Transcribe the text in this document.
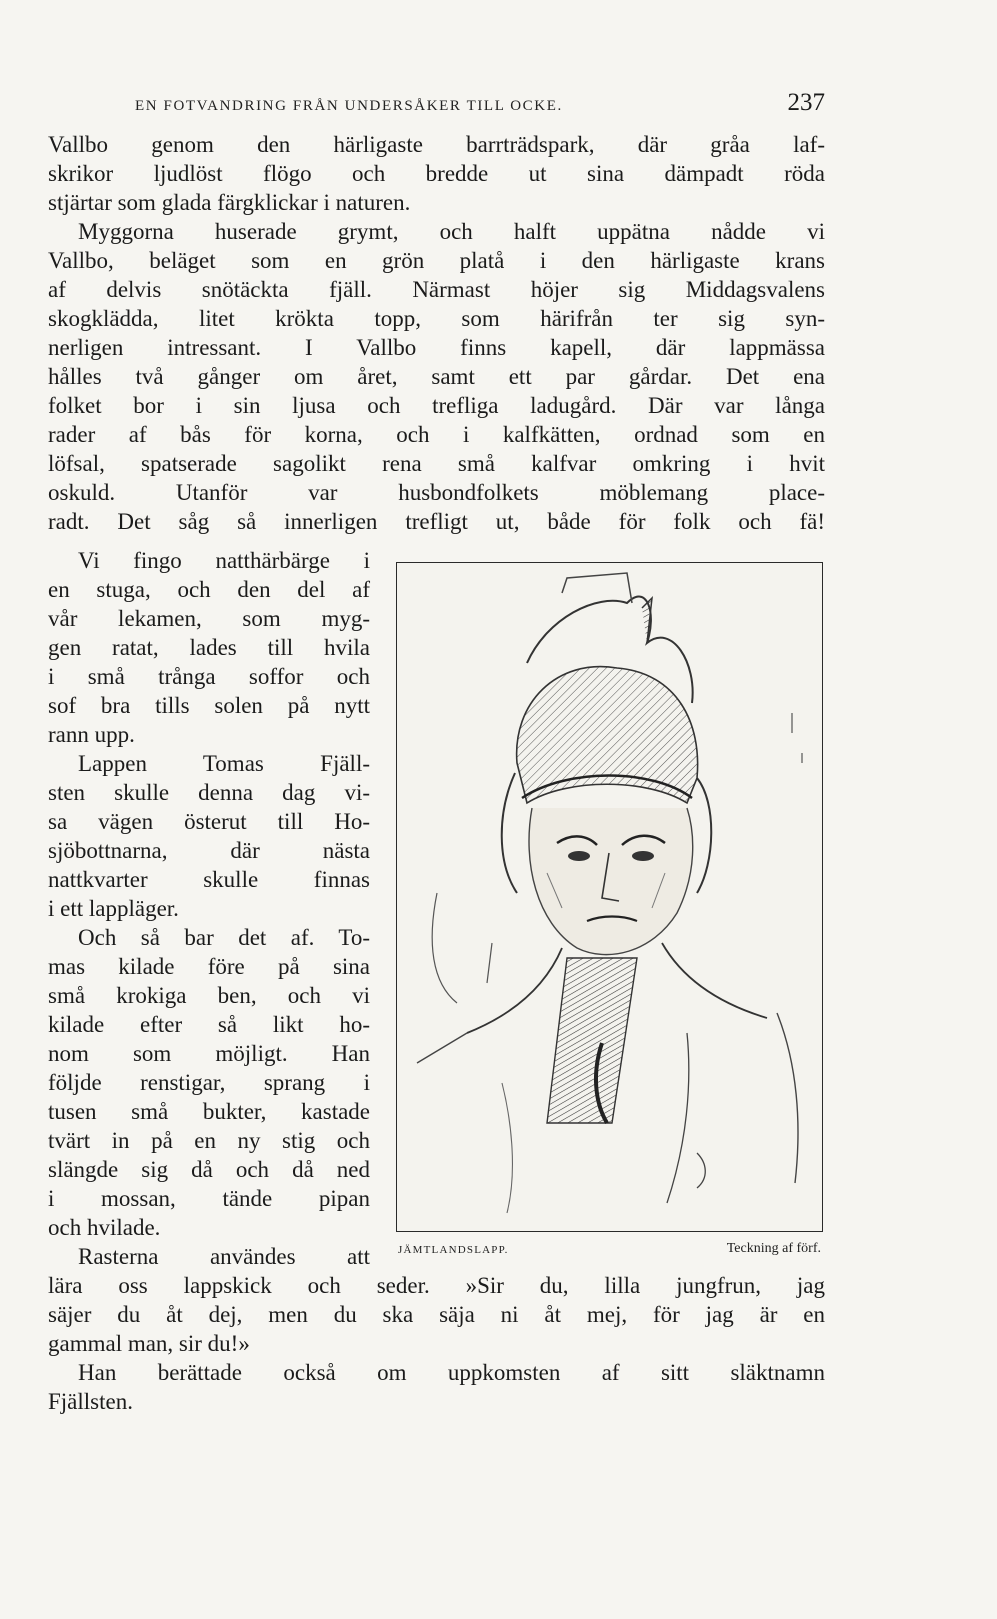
EN FOTVANDRING FRÅN UNDERSÅKER TILL OCKE.	237
Vallbo genom den härligaste barrträdspark, där gråa laf-
skrikor ljudlöst flögo och bredde ut sina dämpadt röda
stjärtar som glada färgklickar i naturen.
Myggorna huserade grymt, och halft uppätna nådde vi
Vallbo, beläget som en grön platå i den härligaste krans
af delvis snötäckta fjäll. Närmast höjer sig Middagsvalens
skogklädda, litet krökta topp, som härifrån ter sig syn-
nerligen intressant. I Vallbo finns kapell, där lappmässa
hålles två gånger om året, samt ett par gårdar. Det ena
folket bor i sin ljusa och trefliga ladugård. Där var långa
rader af bås för korna, och i kalfkätten, ordnad som en
löfsal, spatserade sagolikt rena små kalfvar omkring i hvit
oskuld. Utanför var husbondfolkets möblemang place-
radt. Det såg så innerligen trefligt ut, både för folk och fä!
Vi fingo natthärbärge i
en stuga, och den del af
vår lekamen, som myg-
gen ratat, lades till hvila
i små trånga soffor och
sof bra tills solen på nytt
rann upp.
Lappen Tomas Fjäll-
sten skulle denna dag vi-
sa vägen österut till Ho-
sjöbottnarna, där nästa
nattkvarter skulle finnas
i ett lappläger.
Och så bar det af. To-
mas kilade före på sina
små krokiga ben, och vi
kilade efter så likt ho-
nom som möjligt. Han
följde renstigar, sprang i
tusen små bukter, kastade
tvärt in på en ny stig och
slängde sig då och då ned
i mossan, tände pipan
och hvilade.
Rasterna användes att	JÄMTLANDSLAPP.	Teckning af förf.
lära oss lappskick och seder. »Sir du, lilla jungfrun, jag
säjer du åt dej, men du ska säja ni åt mej, för jag är en
gammal man, sir du!»
Han berättade också om uppkomsten af sitt släktnamn
Fjällsten.
